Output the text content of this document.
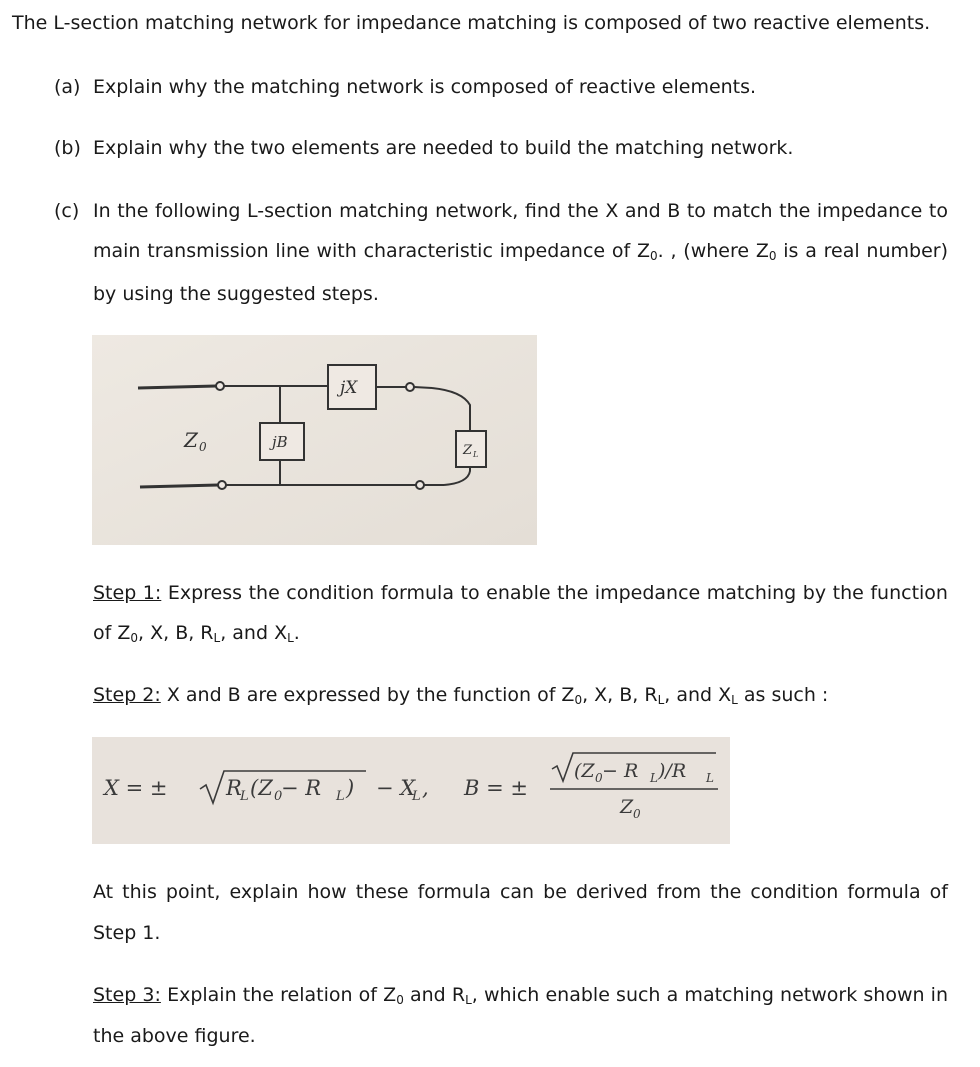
The L-section matching network for impedance matching is composed of two reactive elements.
(a) Explain why the matching network is composed of reactive elements.
(b) Explain why the two elements are needed to build the matching network.
(c) In the following L-section matching network, find the X and B to match the impedance to
main transmission line with characteristic impedance of $Z_0$. , (where $Z_0$ is a real number)
by using the suggested steps.
jX
jB
Z 0	Z L
Step 1: Express the condition formula to enable the impedance matching by the function
of $Z_0$, X, B, $R_L$, and $X_L$.
Step 2: X and B are expressed by the function of $Z_0$, X, B, $R_L$, and $X_L$ as such :
X = ±	R
L (Z 0
− R L ) − X
L , B = ±
(Z 0 − R L )/R L
Z 0
At this point, explain how these formula can be derived from the condition formula of
Step 1.
Step 3: Explain the relation of $Z_0$ and $R_L$, which enable such a matching network shown in
the above figure.
